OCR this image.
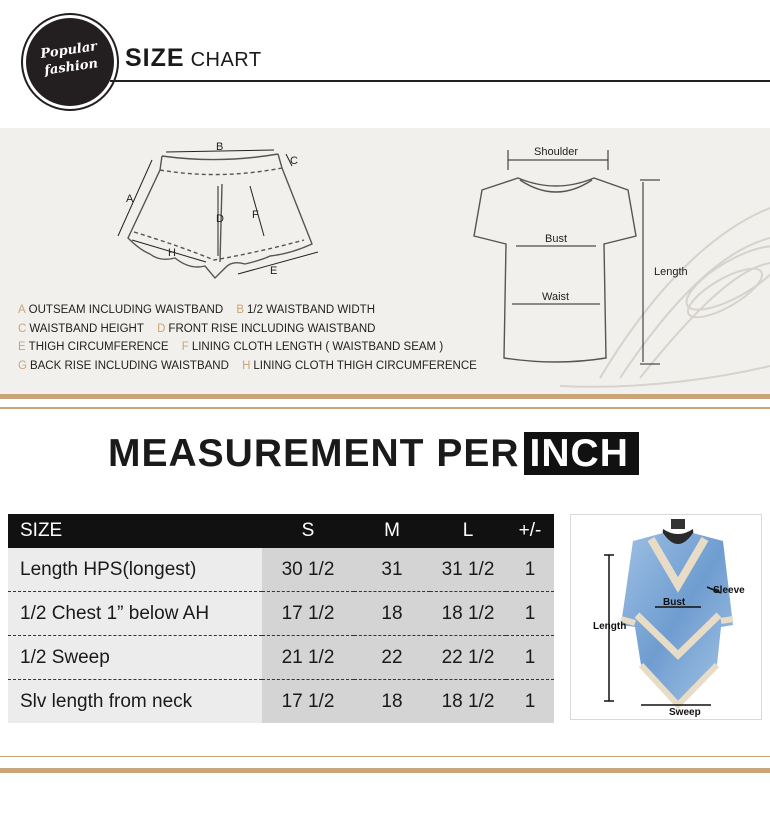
Popular
fashion	SIZE CHART
B
A
C
D	F
E
H
Shoulder
Bust
Waist
Length
A OUTSEAM INCLUDING WAISTBAND B 1/2 WAISTBAND WIDTH
C WAISTBAND HEIGHT D FRONT RISE INCLUDING WAISTBAND
E THIGH CIRCUMFERENCE F LINING CLOTH LENGTH ( WAISTBAND SEAM )
G BACK RISE INCLUDING WAISTBAND H LINING CLOTH THIGH CIRCUMFERENCE
MEASUREMENT PER INCH
SIZE	S	M	L	+/-
Length HPS(longest)	30 1/2	31	31 1/2	1
1/2 Chest 1” below AH	17 1/2	18	18 1/2	1
1/2 Sweep	21 1/2	22	22 1/2	1
Slv length from neck	17 1/2	18	18 1/2	1
Length
Bust
Sleeve
Sweep
